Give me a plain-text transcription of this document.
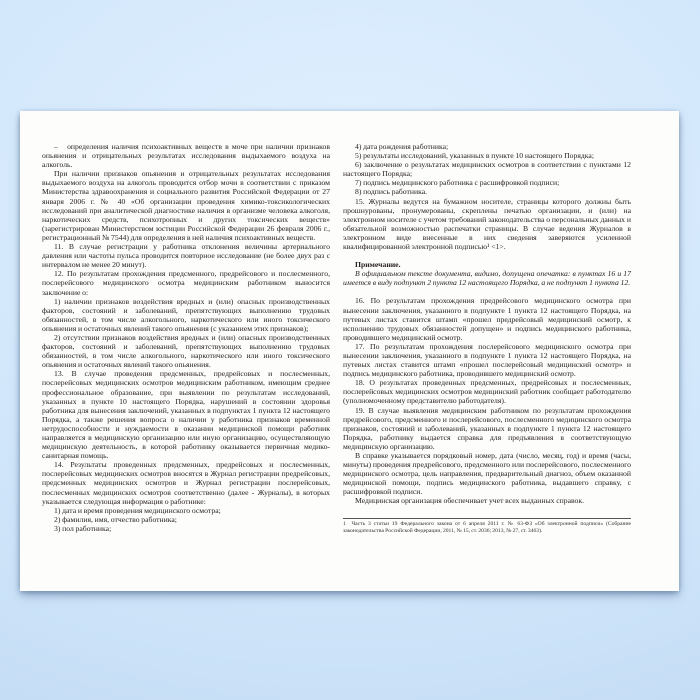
–   определения наличия психоактивных веществ в моче при наличии признаков опьянения и отрицательных результатах исследования выдыхаемого воздуха на алкоголь.

При наличии признаков опьянения и отрицательных результатах исследования выдыхаемого воздуха на алкоголь проводится отбор мочи в соответствии с приказом Министерства здравоохранения и социального развития Российской Федерации от 27 января 2006 г. № 40 «Об организации проведения химико-токсикологических исследований при аналитической диагностике наличия в организме человека алкоголя, наркотических средств, психотропных и других токсических веществ» (зарегистрирован Министерством юстиции Российской Федерации 26 февраля 2006 г., регистрационный № 7544) для определения в ней наличия психоактивных веществ.

11. В случае регистрации у работника отклонения величины артериального давления или частоты пульса проводится повторное исследование (не более двух раз с интервалом не менее 20 минут).

12. По результатам прохождения предсменного, предрейсового и послесменного, послерейсового медицинского осмотра медицинским работником выносится заключение о:

1) наличии признаков воздействия вредных и (или) опасных производственных факторов, состояний и заболеваний, препятствующих выполнению трудовых обязанностей, в том числе алкогольного, наркотического или иного токсического опьянения и остаточных явлений такого опьянения (с указанием этих признаков);

2) отсутствии признаков воздействия вредных и (или) опасных производственных факторов, состояний и заболеваний, препятствующих выполнению трудовых обязанностей, в том числе алкогольного, наркотического или иного токсического опьянения и остаточных явлений такого опьянения.

13. В случае проведения предсменных, предрейсовых и послесменных, послерейсовых медицинских осмотров медицинским работником, имеющим среднее профессиональное образование, при выявлении по результатам исследований, указанных в пункте 10 настоящего Порядка, нарушений в состоянии здоровья работника для вынесения заключений, указанных в подпунктах 1 пункта 12 настоящего Порядка, а также решения вопроса о наличии у работника признаков временной нетрудоспособности и нуждаемости в оказании медицинской помощи работник направляется в медицинскую организацию или иную организацию, осуществляющую медицинскую деятельность, в которой работнику оказывается первичная медико-санитарная помощь.

14. Результаты проведенных предсменных, предрейсовых и послесменных, послерейсовых медицинских осмотров вносятся в Журнал регистрации предрейсовых, предсменных медицинских осмотров и Журнал регистрации послерейсовых, послесменных медицинских осмотров соответственно (далее - Журналы), в которых указывается следующая информация о работнике:

1) дата и время проведения медицинского осмотра;

2) фамилия, имя, отчество работника;

3) пол работника;

4) дата рождения работника;

5) результаты исследований, указанных в пункте 10 настоящего Порядка;

6) заключение о результатах медицинских осмотров в соответствии с пунктами 12 настоящего Порядка;

7) подпись медицинского работника с расшифровкой подписи;

8) подпись работника.

15. Журналы ведутся на бумажном носителе, страницы которого должны быть прошнурованы, пронумерованы, скреплены печатью организации, и (или) на электронном носителе с учетом требований законодательства о персональных данных и обязательной возможностью распечатки страницы. В случае ведения Журналов в электронном виде внесенные в них сведения заверяются усиленной квалифицированной электронной подписью¹ <1>.

Примечание.

В официальном тексте документа, видимо, допущена опечатка: в пунктах 16 и 17 имеется в виду подпункт 2 пункта 12 настоящего Порядка, а не подпункт 1 пункта 12.

16. По результатам прохождения предрейсового медицинского осмотра при вынесении заключения, указанного в подпункте 1 пункта 12 настоящего Порядка, на путевых листах ставится штамп «прошел предрейсовый медицинский осмотр, к исполнению трудовых обязанностей допущен» и подпись медицинского работника, проводившего медицинский осмотр.

17. По результатам прохождения послерейсового медицинского осмотра при вынесении заключения, указанного в подпункте 1 пункта 12 настоящего Порядка, на путевых листах ставится штамп «прошел послерейсовый медицинский осмотр» и подпись медицинского работника, проводившего медицинский осмотр.

18. О результатах проведенных предсменных, предрейсовых и послесменных, послерейсовых медицинских осмотров медицинский работник сообщает работодателю (уполномоченному представителю работодателя).

19. В случае выявления медицинским работником по результатам прохождения предрейсового, предсменного и послерейсового, послесменного медицинского осмотра признаков, состояний и заболеваний, указанных в подпункте 1 пункта 12 настоящего Порядка, работнику выдается справка для предъявления в соответствующую медицинскую организацию.

В справке указывается порядковый номер, дата (число, месяц, год) и время (часы, минуты) проведения предрейсового, предсменного или послерейсового, послесменного медицинского осмотра, цель направления, предварительный диагноз, объем оказанной медицинской помощи, подпись медицинского работника, выдавшего справку, с расшифровкой подписи.

Медицинская организация обеспечивает учет всех выданных справок.

1  Часть 3 статьи 19 Федерального закона от 6 апреля 2011 г. № 63-ФЗ «Об электронной подписи» (Собрание законодательства Российской Федерации, 2011, № 15, ст. 2036; 2013, № 27, ст. 3463).
